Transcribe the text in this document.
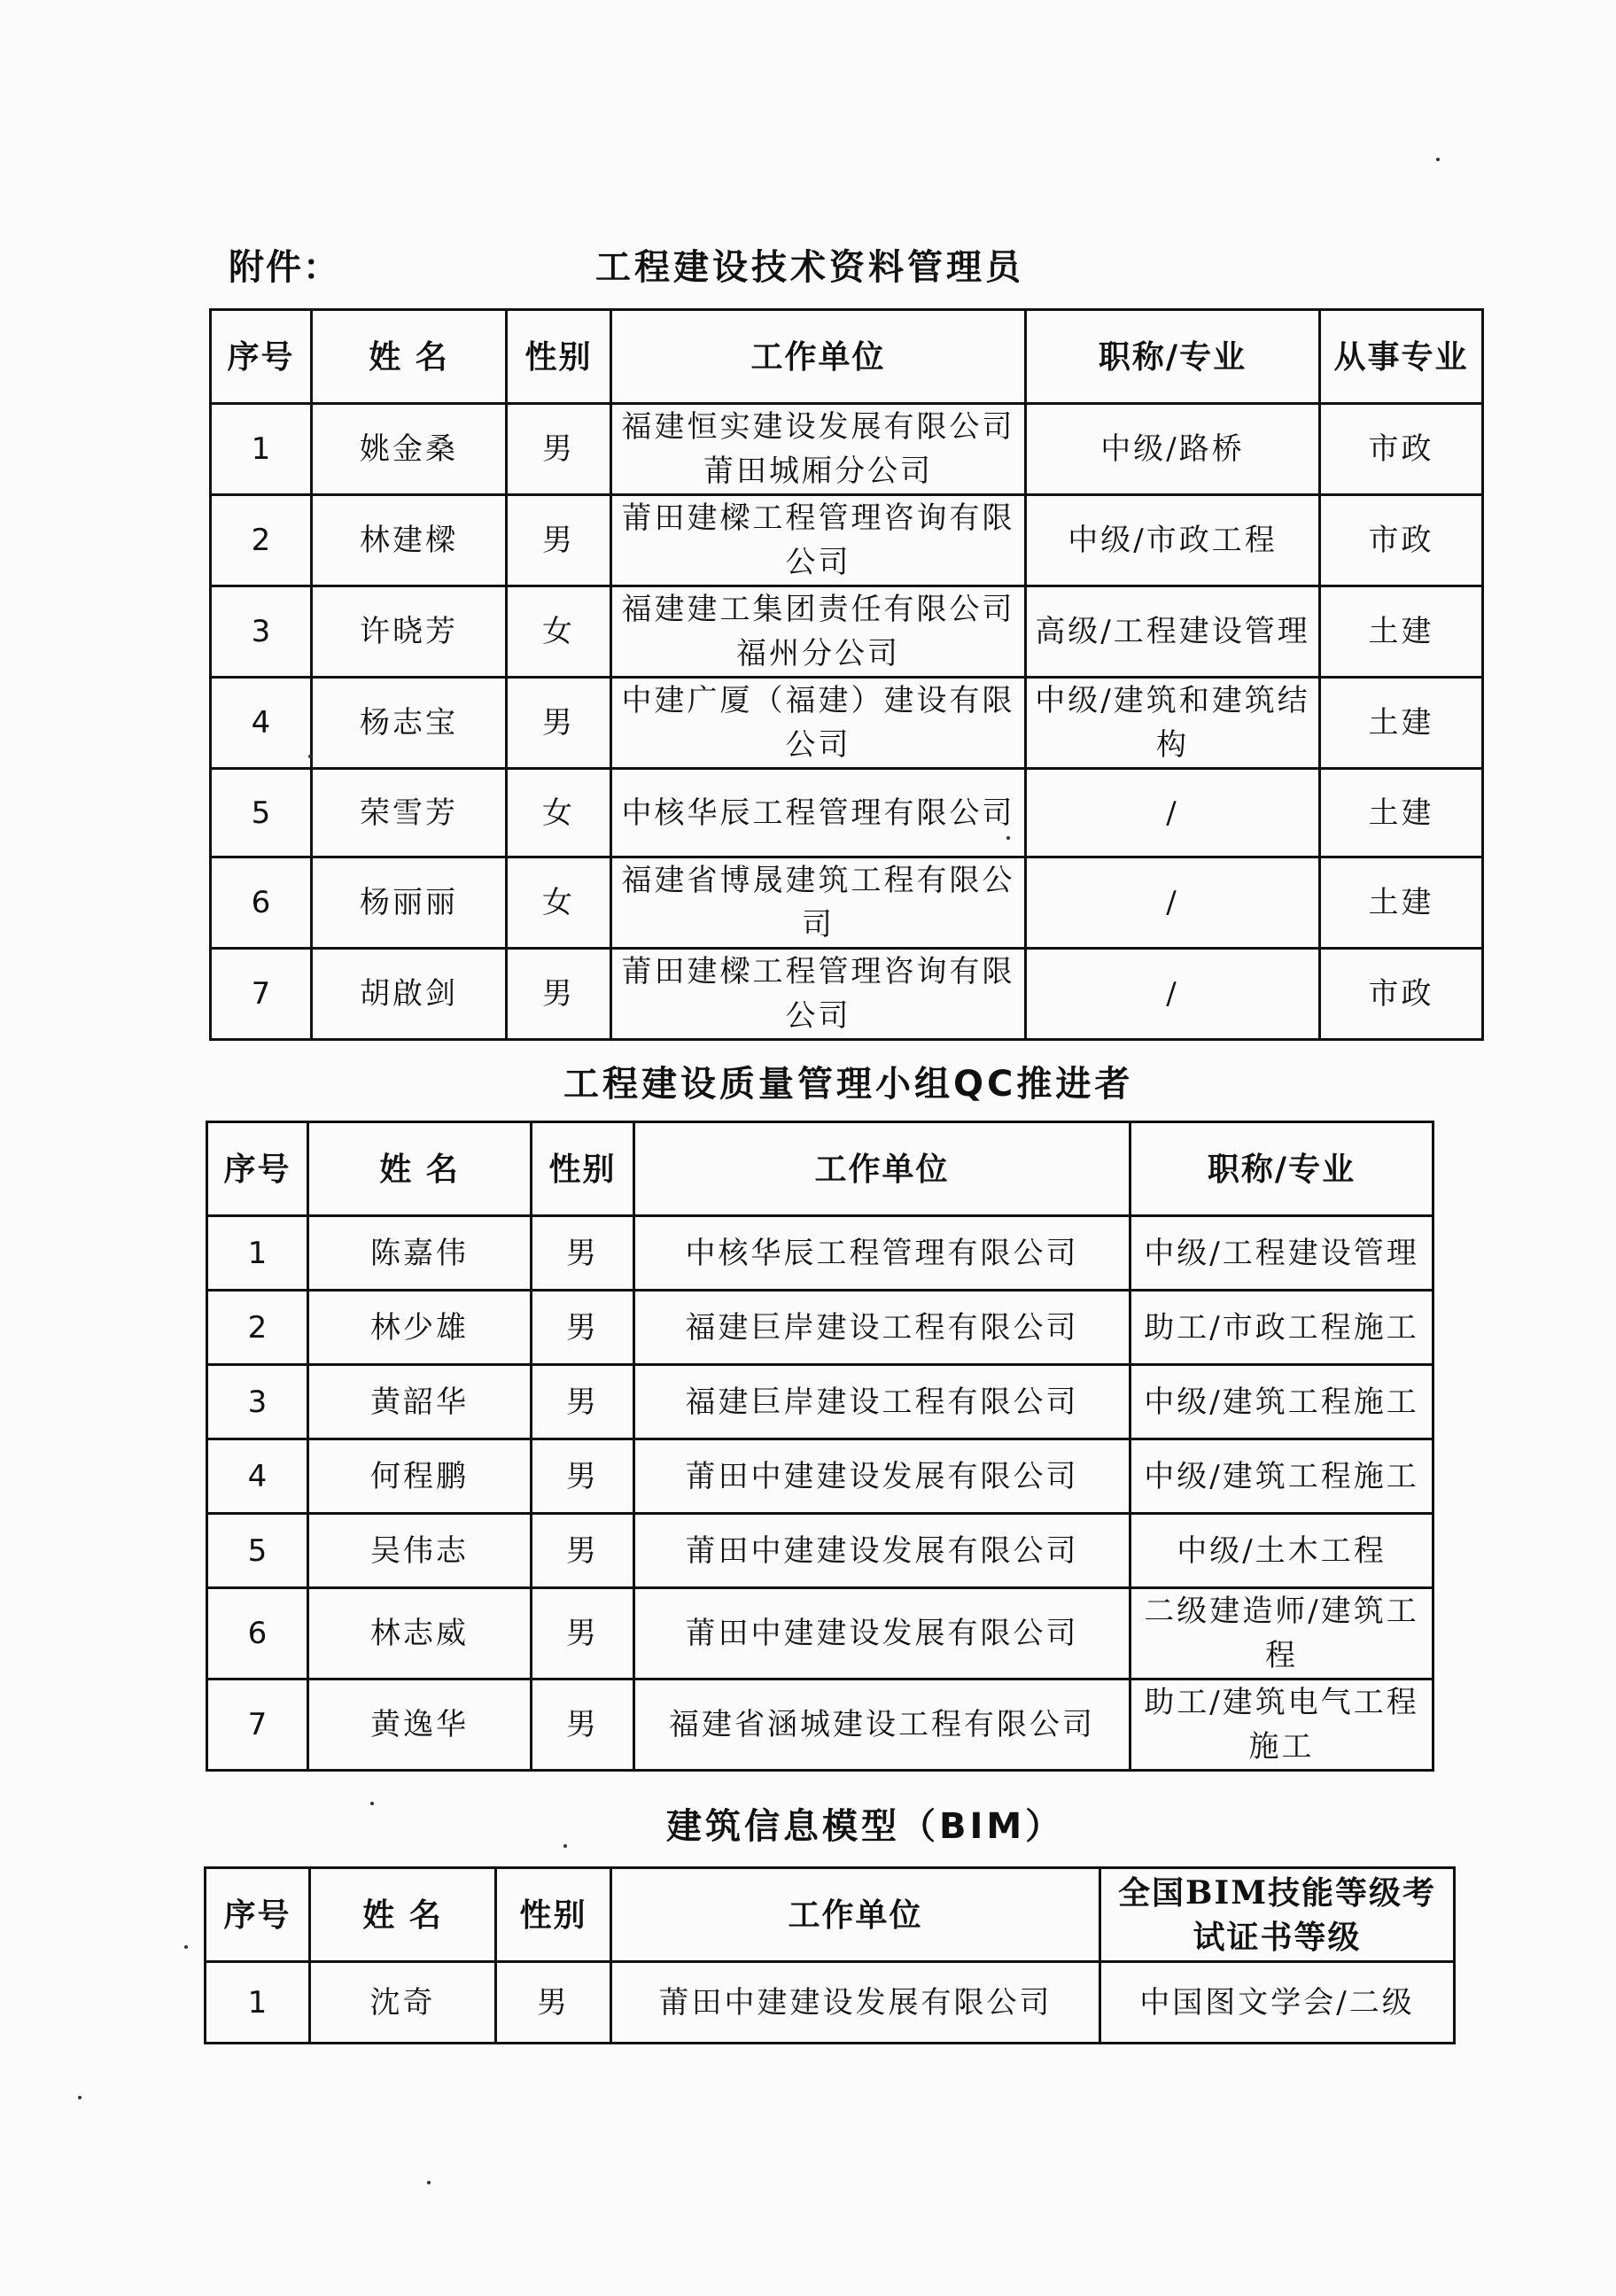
附件：	工程建设技术资料管理员
序号	姓 名	性别	工作单位	职称/专业	从事专业
1	姚金桑	男	福建恒实建设发展有限公司莆田城厢分公司	中级/路桥	市政
2	林建樑	男	莆田建樑工程管理咨询有限公司	中级/市政工程	市政
3	许晓芳	女	福建建工集团责任有限公司福州分公司	高级/工程建设管理	土建
4	杨志宝	男	中建广厦（福建）建设有限公司	中级/建筑和建筑结构	土建
5	荣雪芳	女	中核华辰工程管理有限公司	/	土建
6	杨丽丽	女	福建省博晟建筑工程有限公司	/	土建
7	胡啟剑	男	莆田建樑工程管理咨询有限公司	/	市政
工程建设质量管理小组QC推进者
序号	姓 名	性别	工作单位	职称/专业
1	陈嘉伟	男	中核华辰工程管理有限公司	中级/工程建设管理
2	林少雄	男	福建巨岸建设工程有限公司	助工/市政工程施工
3	黄韶华	男	福建巨岸建设工程有限公司	中级/建筑工程施工
4	何程鹏	男	莆田中建建设发展有限公司	中级/建筑工程施工
5	吴伟志	男	莆田中建建设发展有限公司	中级/土木工程
6	林志威	男	莆田中建建设发展有限公司	二级建造师/建筑工程
7	黄逸华	男	福建省涵城建设工程有限公司	助工/建筑电气工程施工
建筑信息模型（BIM）
序号	姓 名	性别	工作单位	全国BIM技能等级考试证书等级
1	沈奇	男	莆田中建建设发展有限公司	中国图文学会/二级
